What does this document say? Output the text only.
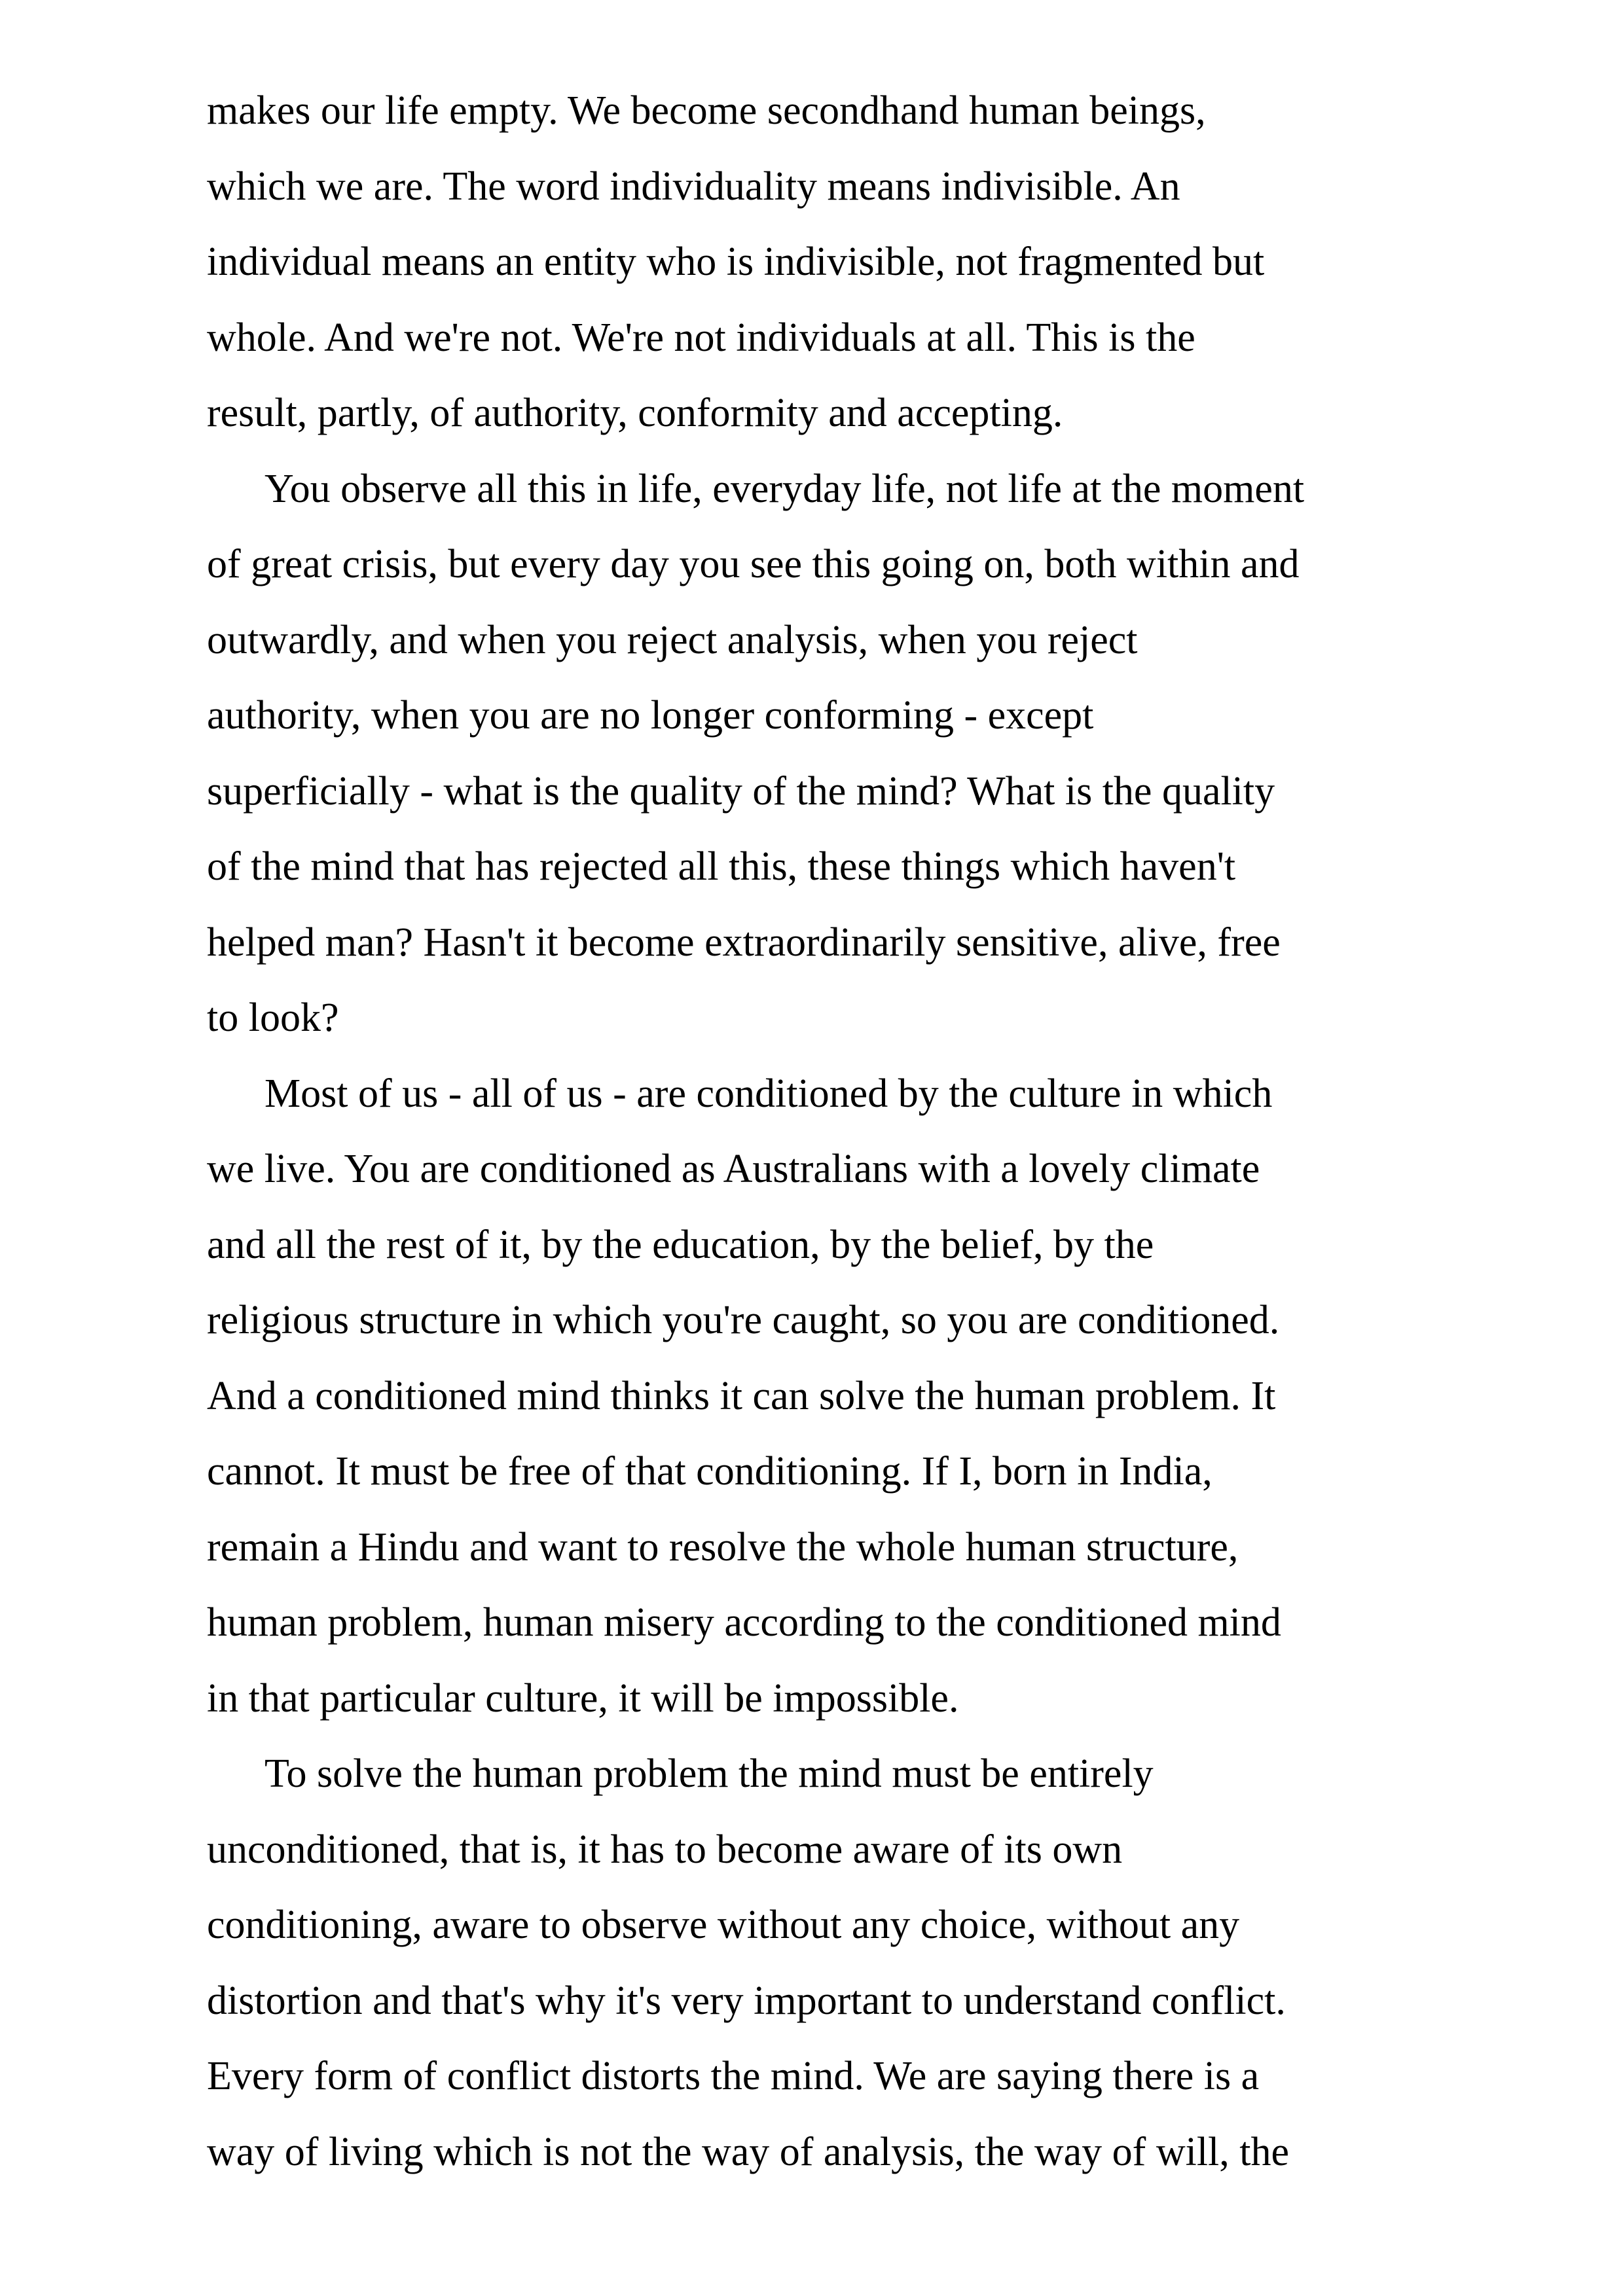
makes our life empty. We become secondhand human beings,
which we are. The word individuality means indivisible. An
individual means an entity who is indivisible, not fragmented but
whole. And we're not. We're not individuals at all. This is the
result, partly, of authority, conformity and accepting.

You observe all this in life, everyday life, not life at the moment
of great crisis, but every day you see this going on, both within and
outwardly, and when you reject analysis, when you reject
authority, when you are no longer conforming - except
superficially - what is the quality of the mind? What is the quality
of the mind that has rejected all this, these things which haven't
helped man? Hasn't it become extraordinarily sensitive, alive, free
to look?

Most of us - all of us - are conditioned by the culture in which
we live. You are conditioned as Australians with a lovely climate
and all the rest of it, by the education, by the belief, by the
religious structure in which you're caught, so you are conditioned.
And a conditioned mind thinks it can solve the human problem. It
cannot. It must be free of that conditioning. If I, born in India,
remain a Hindu and want to resolve the whole human structure,
human problem, human misery according to the conditioned mind
in that particular culture, it will be impossible.

To solve the human problem the mind must be entirely
unconditioned, that is, it has to become aware of its own
conditioning, aware to observe without any choice, without any
distortion and that's why it's very important to understand conflict.
Every form of conflict distorts the mind. We are saying there is a
way of living which is not the way of analysis, the way of will, the
